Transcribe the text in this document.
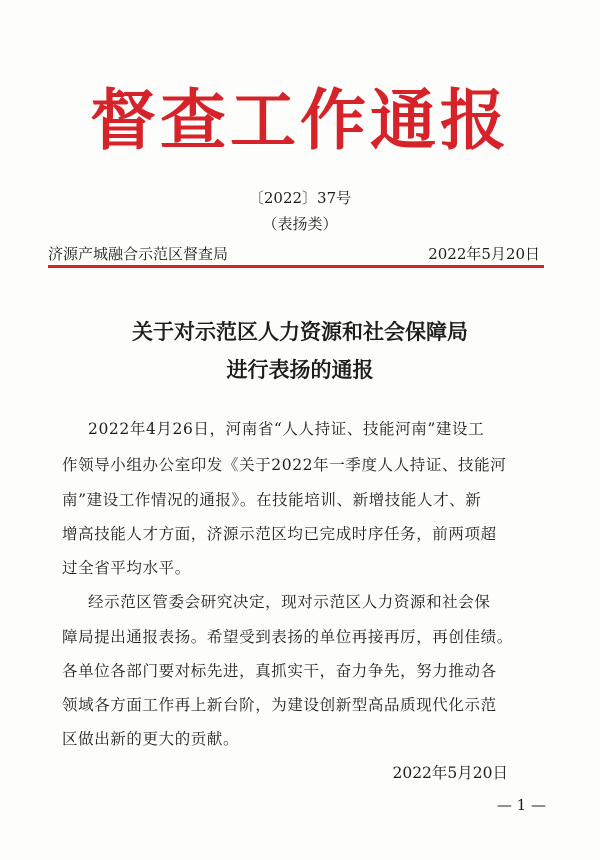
督查工作通报
〔2022〕37号
（表扬类）
济源产城融合示范区督查局	2022年5月20日
关于对示范区人力资源和社会保障局
进行表扬的通报
2022年4月26日，河南省“人人持证、技能河南”建设工
作领导小组办公室印发《关于2022年一季度人人持证、技能河
南”建设工作情况的通报》。在技能培训、新增技能人才、新
增高技能人才方面，济源示范区均已完成时序任务，前两项超
过全省平均水平。
经示范区管委会研究决定，现对示范区人力资源和社会保
障局提出通报表扬。希望受到表扬的单位再接再厉，再创佳绩。
各单位各部门要对标先进，真抓实干，奋力争先，努力推动各
领域各方面工作再上新台阶，为建设创新型高品质现代化示范
区做出新的更大的贡献。
2022年5月20日
— 1 —
